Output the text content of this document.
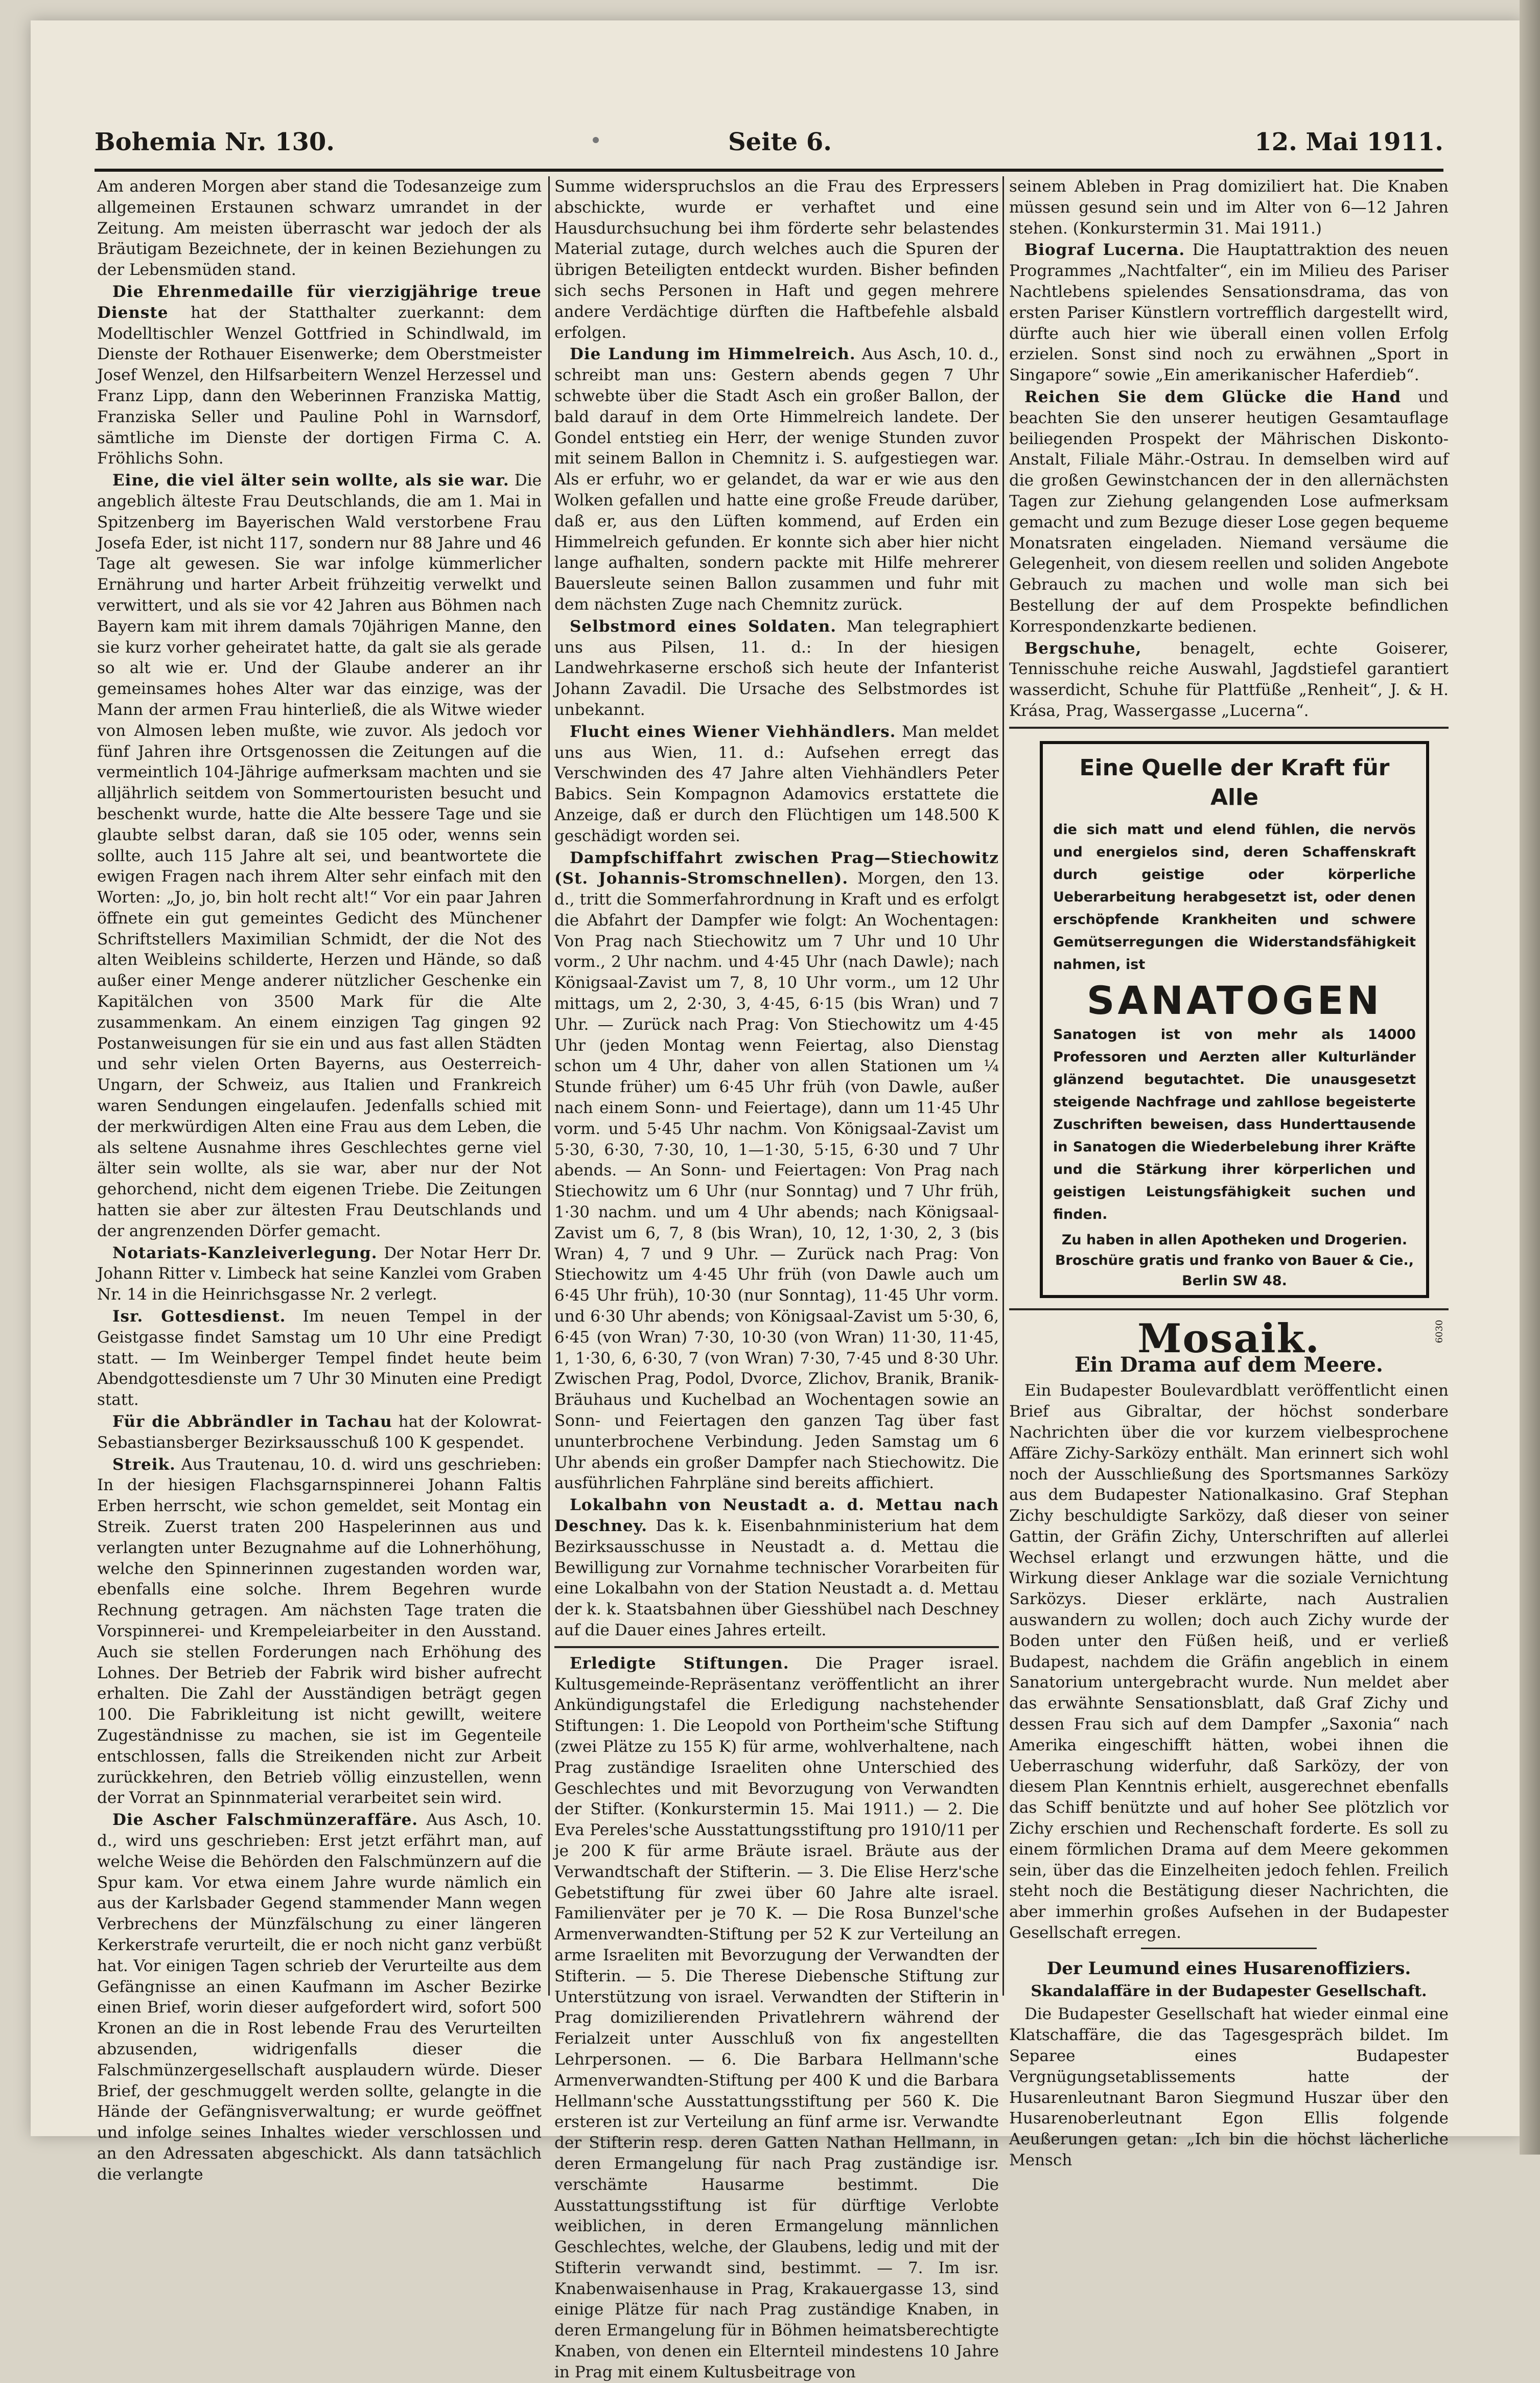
Bohemia Nr. 130.	Seite 6.	12. Mai 1911.

Am anderen Morgen aber stand die Todesanzeige zum allgemeinen Erstaunen schwarz umrandet in der Zeitung. Am meisten überrascht war jedoch der als Bräutigam Bezeichnete, der in keinen Beziehungen zu der Lebensmüden stand.

Die Ehrenmedaille für vierzigjährige treue Dienste hat der Statthalter zuerkannt: dem Modelltischler Wenzel Gottfried in Schindlwald, im Dienste der Rothauer Eisenwerke; dem Oberstmeister Josef Wenzel, den Hilfsarbeitern Wenzel Herzessel und Franz Lipp, dann den Weberinnen Franziska Mattig, Franziska Seller und Pauline Pohl in Warnsdorf, sämtliche im Dienste der dortigen Firma C. A. Fröhlichs Sohn.

Eine, die viel älter sein wollte, als sie war. Die angeblich älteste Frau Deutschlands, die am 1. Mai in Spitzenberg im Bayerischen Wald verstorbene Frau Josefa Eder, ist nicht 117, sondern nur 88 Jahre und 46 Tage alt gewesen. Sie war infolge kümmerlicher Ernährung und harter Arbeit frühzeitig verwelkt und verwittert, und als sie vor 42 Jahren aus Böhmen nach Bayern kam mit ihrem damals 70jährigen Manne, den sie kurz vorher geheiratet hatte, da galt sie als gerade so alt wie er. Und der Glaube anderer an ihr gemeinsames hohes Alter war das einzige, was der Mann der armen Frau hinterließ, die als Witwe wieder von Almosen leben mußte, wie zuvor. Als jedoch vor fünf Jahren ihre Ortsgenossen die Zeitungen auf die vermeintlich 104-Jährige aufmerksam machten und sie alljährlich seitdem von Sommertouristen besucht und beschenkt wurde, hatte die Alte bessere Tage und sie glaubte selbst daran, daß sie 105 oder, wenns sein sollte, auch 115 Jahre alt sei, und beantwortete die ewigen Fragen nach ihrem Alter sehr einfach mit den Worten: „Jo, jo, bin holt recht alt!“ Vor ein paar Jahren öffnete ein gut gemeintes Gedicht des Münchener Schriftstellers Maximilian Schmidt, der die Not des alten Weibleins schilderte, Herzen und Hände, so daß außer einer Menge anderer nützlicher Geschenke ein Kapitälchen von 3500 Mark für die Alte zusammenkam. An einem einzigen Tag gingen 92 Postanweisungen für sie ein und aus fast allen Städten und sehr vielen Orten Bayerns, aus Oesterreich-Ungarn, der Schweiz, aus Italien und Frankreich waren Sendungen eingelaufen. Jedenfalls schied mit der merkwürdigen Alten eine Frau aus dem Leben, die als seltene Ausnahme ihres Geschlechtes gerne viel älter sein wollte, als sie war, aber nur der Not gehorchend, nicht dem eigenen Triebe. Die Zeitungen hatten sie aber zur ältesten Frau Deutschlands und der angrenzenden Dörfer gemacht.

Notariats-Kanzleiverlegung. Der Notar Herr Dr. Johann Ritter v. Limbeck hat seine Kanzlei vom Graben Nr. 14 in die Heinrichsgasse Nr. 2 verlegt.

Isr. Gottesdienst. Im neuen Tempel in der Geistgasse findet Samstag um 10 Uhr eine Predigt statt. — Im Weinberger Tempel findet heute beim Abendgottesdienste um 7 Uhr 30 Minuten eine Predigt statt.

Für die Abbrändler in Tachau hat der Kolowrat-Sebastiansberger Bezirksausschuß 100 K gespendet.

Streik. Aus Trautenau, 10. d. wird uns geschrieben: In der hiesigen Flachsgarnspinnerei Johann Faltis Erben herrscht, wie schon gemeldet, seit Montag ein Streik. Zuerst traten 200 Haspelerinnen aus und verlangten unter Bezugnahme auf die Lohnerhöhung, welche den Spinnerinnen zugestanden worden war, ebenfalls eine solche. Ihrem Begehren wurde Rechnung getragen. Am nächsten Tage traten die Vorspinnerei- und Krempeleiarbeiter in den Ausstand. Auch sie stellen Forderungen nach Erhöhung des Lohnes. Der Betrieb der Fabrik wird bisher aufrecht erhalten. Die Zahl der Ausständigen beträgt gegen 100. Die Fabrikleitung ist nicht gewillt, weitere Zugeständnisse zu machen, sie ist im Gegenteile entschlossen, falls die Streikenden nicht zur Arbeit zurückkehren, den Betrieb völlig einzustellen, wenn der Vorrat an Spinnmaterial verarbeitet sein wird.

Die Ascher Falschmünzeraffäre. Aus Asch, 10. d., wird uns geschrieben: Erst jetzt erfährt man, auf welche Weise die Behörden den Falschmünzern auf die Spur kam. Vor etwa einem Jahre wurde nämlich ein aus der Karlsbader Gegend stammender Mann wegen Verbrechens der Münzfälschung zu einer längeren Kerkerstrafe verurteilt, die er noch nicht ganz verbüßt hat. Vor einigen Tagen schrieb der Verurteilte aus dem Gefängnisse an einen Kaufmann im Ascher Bezirke einen Brief, worin dieser aufgefordert wird, sofort 500 Kronen an die in Rost lebende Frau des Verurteilten abzusenden, widrigenfalls dieser die Falschmünzergesellschaft ausplaudern würde. Dieser Brief, der geschmuggelt werden sollte, gelangte in die Hände der Gefängnisverwaltung; er wurde geöffnet und infolge seines Inhaltes wieder verschlossen und an den Adressaten abgeschickt. Als dann tatsächlich die verlangte

Summe widerspruchslos an die Frau des Erpressers abschickte, wurde er verhaftet und eine Hausdurchsuchung bei ihm förderte sehr belastendes Material zutage, durch welches auch die Spuren der übrigen Beteiligten entdeckt wurden. Bisher befinden sich sechs Personen in Haft und gegen mehrere andere Verdächtige dürften die Haftbefehle alsbald erfolgen.

Die Landung im Himmelreich. Aus Asch, 10. d., schreibt man uns: Gestern abends gegen 7 Uhr schwebte über die Stadt Asch ein großer Ballon, der bald darauf in dem Orte Himmelreich landete. Der Gondel entstieg ein Herr, der wenige Stunden zuvor mit seinem Ballon in Chemnitz i. S. aufgestiegen war. Als er erfuhr, wo er gelandet, da war er wie aus den Wolken gefallen und hatte eine große Freude darüber, daß er, aus den Lüften kommend, auf Erden ein Himmelreich gefunden. Er konnte sich aber hier nicht lange aufhalten, sondern packte mit Hilfe mehrerer Bauersleute seinen Ballon zusammen und fuhr mit dem nächsten Zuge nach Chemnitz zurück.

Selbstmord eines Soldaten. Man telegraphiert uns aus Pilsen, 11. d.: In der hiesigen Landwehrkaserne erschoß sich heute der Infanterist Johann Zavadil. Die Ursache des Selbstmordes ist unbekannt.

Flucht eines Wiener Viehhändlers. Man meldet uns aus Wien, 11. d.: Aufsehen erregt das Verschwinden des 47 Jahre alten Viehhändlers Peter Babics. Sein Kompagnon Adamovics erstattete die Anzeige, daß er durch den Flüchtigen um 148.500 K geschädigt worden sei.

Dampfschiffahrt zwischen Prag—Stiechowitz (St. Johannis-Stromschnellen). Morgen, den 13. d., tritt die Sommerfahrordnung in Kraft und es erfolgt die Abfahrt der Dampfer wie folgt: An Wochentagen: Von Prag nach Stiechowitz um 7 Uhr und 10 Uhr vorm., 2 Uhr nachm. und 4·45 Uhr (nach Dawle); nach Königsaal-Zavist um 7, 8, 10 Uhr vorm., um 12 Uhr mittags, um 2, 2·30, 3, 4·45, 6·15 (bis Wran) und 7 Uhr. — Zurück nach Prag: Von Stiechowitz um 4·45 Uhr (jeden Montag wenn Feiertag, also Dienstag schon um 4 Uhr, daher von allen Stationen um ¼ Stunde früher) um 6·45 Uhr früh (von Dawle, außer nach einem Sonn- und Feiertage), dann um 11·45 Uhr vorm. und 5·45 Uhr nachm. Von Königsaal-Zavist um 5·30, 6·30, 7·30, 10, 1—1·30, 5·15, 6·30 und 7 Uhr abends. — An Sonn- und Feiertagen: Von Prag nach Stiechowitz um 6 Uhr (nur Sonntag) und 7 Uhr früh, 1·30 nachm. und um 4 Uhr abends; nach Königsaal-Zavist um 6, 7, 8 (bis Wran), 10, 12, 1·30, 2, 3 (bis Wran) 4, 7 und 9 Uhr. — Zurück nach Prag: Von Stiechowitz um 4·45 Uhr früh (von Dawle auch um 6·45 Uhr früh), 10·30 (nur Sonntag), 11·45 Uhr vorm. und 6·30 Uhr abends; von Königsaal-Zavist um 5·30, 6, 6·45 (von Wran) 7·30, 10·30 (von Wran) 11·30, 11·45, 1, 1·30, 6, 6·30, 7 (von Wran) 7·30, 7·45 und 8·30 Uhr. Zwischen Prag, Podol, Dvorce, Zlichov, Branik, Branik-Bräuhaus und Kuchelbad an Wochentagen sowie an Sonn- und Feiertagen den ganzen Tag über fast ununterbrochene Verbindung. Jeden Samstag um 6 Uhr abends ein großer Dampfer nach Stiechowitz. Die ausführlichen Fahrpläne sind bereits affichiert.

Lokalbahn von Neustadt a. d. Mettau nach Deschney. Das k. k. Eisenbahnministerium hat dem Bezirksausschusse in Neustadt a. d. Mettau die Bewilligung zur Vornahme technischer Vorarbeiten für eine Lokalbahn von der Station Neustadt a. d. Mettau der k. k. Staatsbahnen über Giesshübel nach Deschney auf die Dauer eines Jahres erteilt.

Erledigte Stiftungen. Die Prager israel. Kultusgemeinde-Repräsentanz veröffentlicht an ihrer Ankündigungstafel die Erledigung nachstehender Stiftungen: 1. Die Leopold von Portheim'sche Stiftung (zwei Plätze zu 155 K) für arme, wohlverhaltene, nach Prag zuständige Israeliten ohne Unterschied des Geschlechtes und mit Bevorzugung von Verwandten der Stifter. (Konkurstermin 15. Mai 1911.) — 2. Die Eva Pereles'sche Ausstattungsstiftung pro 1910/11 per je 200 K für arme Bräute israel. Bräute aus der Verwandtschaft der Stifterin. — 3. Die Elise Herz'sche Gebetstiftung für zwei über 60 Jahre alte israel. Familienväter per je 70 K. — Die Rosa Bunzel'sche Armenverwandten-Stiftung per 52 K zur Verteilung an arme Israeliten mit Bevorzugung der Verwandten der Stifterin. — 5. Die Therese Diebensche Stiftung zur Unterstützung von israel. Verwandten der Stifterin in Prag domizilierenden Privatlehrern während der Ferialzeit unter Ausschluß von fix angestellten Lehrpersonen. — 6. Die Barbara Hellmann'sche Armenverwandten-Stiftung per 400 K und die Barbara Hellmann'sche Ausstattungsstiftung per 560 K. Die ersteren ist zur Verteilung an fünf arme isr. Verwandte der Stifterin resp. deren Gatten Nathan Hellmann, in deren Ermangelung für nach Prag zuständige isr. verschämte Hausarme bestimmt. Die Ausstattungsstiftung ist für dürftige Verlobte weiblichen, in deren Ermangelung männlichen Geschlechtes, welche, der Glaubens, ledig und mit der Stifterin verwandt sind, bestimmt. — 7. Im isr. Knabenwaisenhause in Prag, Krakauergasse 13, sind einige Plätze für nach Prag zuständige Knaben, in deren Ermangelung für in Böhmen heimatsberechtigte Knaben, von denen ein Elternteil mindestens 10 Jahre in Prag mit einem Kultusbeitrage von

seinem Ableben in Prag domiziliert hat. Die Knaben müssen gesund sein und im Alter von 6—12 Jahren stehen. (Konkurstermin 31. Mai 1911.)

Biograf Lucerna. Die Hauptattraktion des neuen Programmes „Nachtfalter“, ein im Milieu des Pariser Nachtlebens spielendes Sensationsdrama, das von ersten Pariser Künstlern vortrefflich dargestellt wird, dürfte auch hier wie überall einen vollen Erfolg erzielen. Sonst sind noch zu erwähnen „Sport in Singapore“ sowie „Ein amerikanischer Haferdieb“.

Reichen Sie dem Glücke die Hand und beachten Sie den unserer heutigen Gesamtauflage beiliegenden Prospekt der Mährischen Diskonto-Anstalt, Filiale Mähr.-Ostrau. In demselben wird auf die großen Gewinstchancen der in den allernächsten Tagen zur Ziehung gelangenden Lose aufmerksam gemacht und zum Bezuge dieser Lose gegen bequeme Monatsraten eingeladen. Niemand versäume die Gelegenheit, von diesem reellen und soliden Angebote Gebrauch zu machen und wolle man sich bei Bestellung der auf dem Prospekte befindlichen Korrespondenzkarte bedienen.

Bergschuhe, benagelt, echte Goiserer, Tennisschuhe reiche Auswahl, Jagdstiefel garantiert wasserdicht, Schuhe für Plattfüße „Renheit“, J. & H. Krása, Prag, Wassergasse „Lucerna“.

Eine Quelle der Kraft für Alle
die sich matt und elend fühlen, die nervös und energielos sind, deren Schaffenskraft durch geistige oder körperliche Ueberarbeitung herabgesetzt ist, oder denen erschöpfende Krankheiten und schwere Gemütserregungen die Widerstandsfähigkeit nahmen, ist
SANATOGEN
Sanatogen ist von mehr als 14000 Professoren und Aerzten aller Kulturländer glänzend begutachtet. Die unausgesetzt steigende Nachfrage und zahllose begeisterte Zuschriften beweisen, dass Hunderttausende in Sanatogen die Wiederbelebung ihrer Kräfte und die Stärkung ihrer körperlichen und geistigen Leistungsfähigkeit suchen und finden.
Zu haben in allen Apotheken und Drogerien. Broschüre gratis und franko von Bauer & Cie., Berlin SW 48.
6030
Mosaik.
Ein Drama auf dem Meere.

Ein Budapester Boulevardblatt veröffentlicht einen Brief aus Gibraltar, der höchst sonderbare Nachrichten über die vor kurzem vielbesprochene Affäre Zichy-Sarközy enthält. Man erinnert sich wohl noch der Ausschließung des Sportsmannes Sarközy aus dem Budapester Nationalkasino. Graf Stephan Zichy beschuldigte Sarközy, daß dieser von seiner Gattin, der Gräfin Zichy, Unterschriften auf allerlei Wechsel erlangt und erzwungen hätte, und die Wirkung dieser Anklage war die soziale Vernichtung Sarközys. Dieser erklärte, nach Australien auswandern zu wollen; doch auch Zichy wurde der Boden unter den Füßen heiß, und er verließ Budapest, nachdem die Gräfin angeblich in einem Sanatorium untergebracht wurde. Nun meldet aber das erwähnte Sensationsblatt, daß Graf Zichy und dessen Frau sich auf dem Dampfer „Saxonia“ nach Amerika eingeschifft hätten, wobei ihnen die Ueberraschung widerfuhr, daß Sarközy, der von diesem Plan Kenntnis erhielt, ausgerechnet ebenfalls das Schiff benützte und auf hoher See plötzlich vor Zichy erschien und Rechenschaft forderte. Es soll zu einem förmlichen Drama auf dem Meere gekommen sein, über das die Einzelheiten jedoch fehlen. Freilich steht noch die Bestätigung dieser Nachrichten, die aber immerhin großes Aufsehen in der Budapester Gesellschaft erregen.

Der Leumund eines Husarenoffiziers.
Skandalaffäre in der Budapester Gesellschaft.

Die Budapester Gesellschaft hat wieder einmal eine Klatschaffäre, die das Tagesgespräch bildet. Im Separee eines Budapester Vergnügungsetablissements hatte der Husarenleutnant Baron Siegmund Huszar über den Husarenoberleutnant Egon Ellis folgende Aeußerungen getan: „Ich bin die höchst lächerliche Mensch
